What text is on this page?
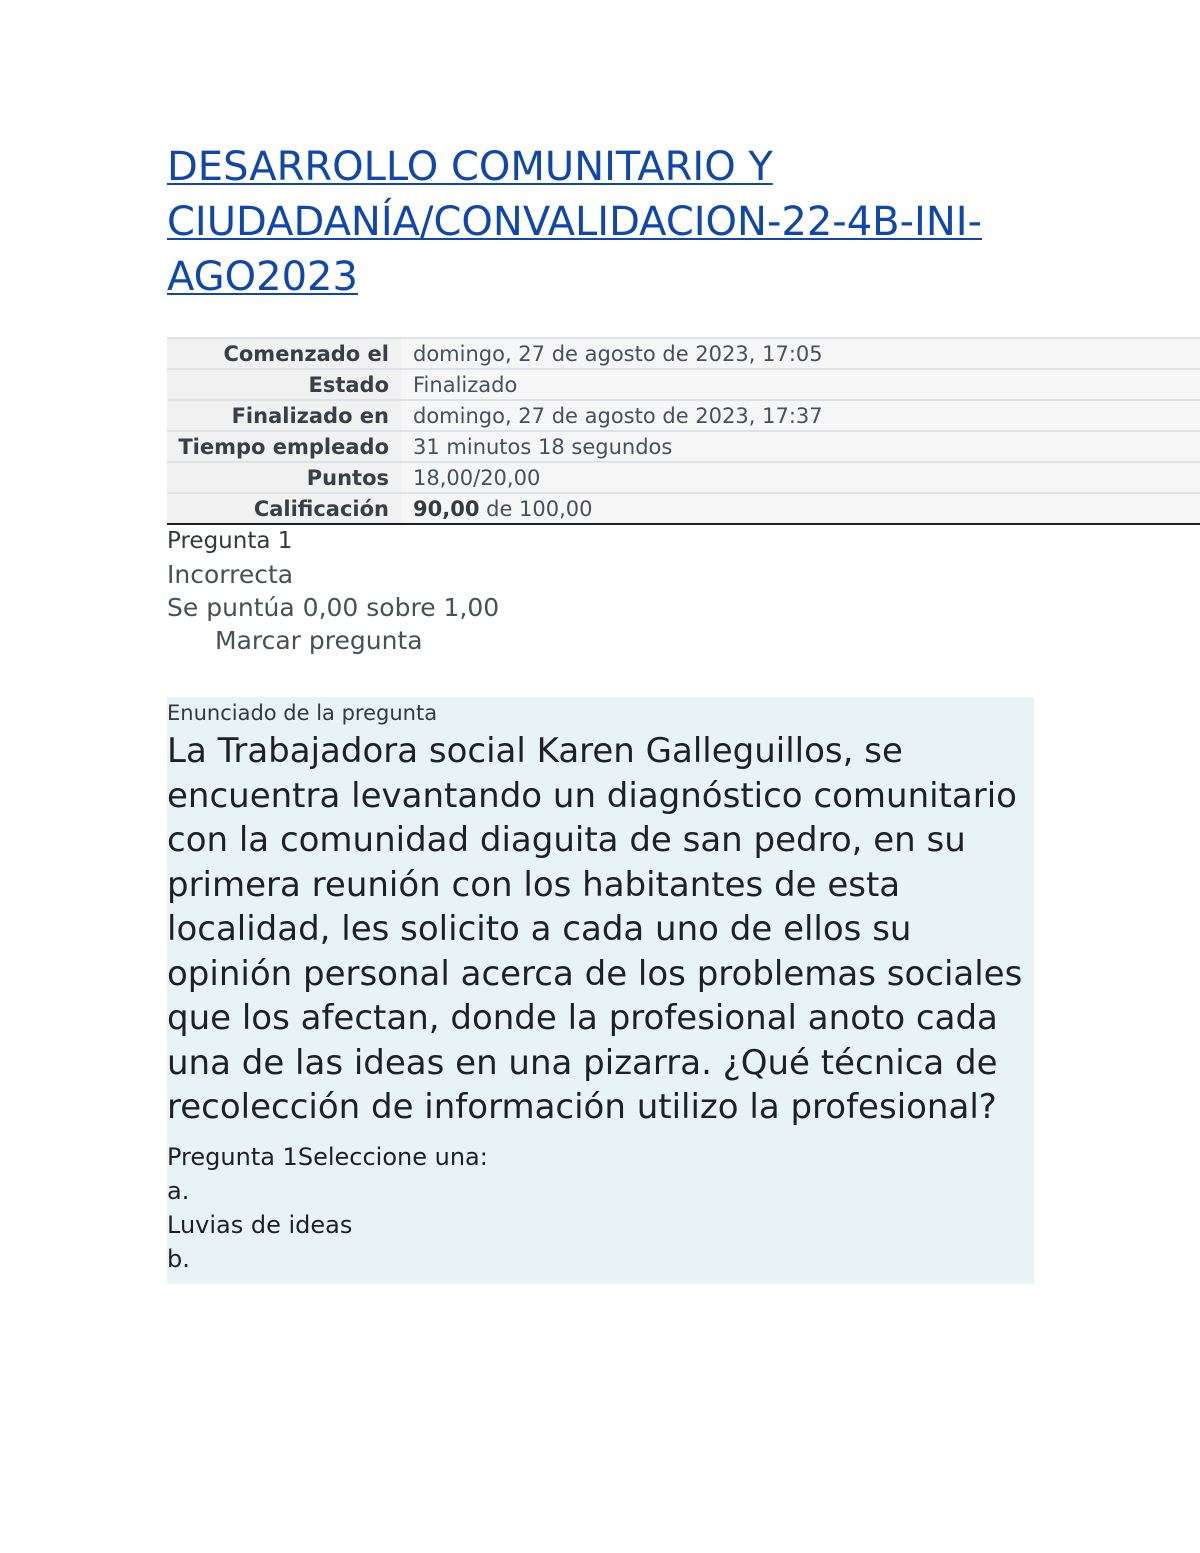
DESARROLLO COMUNITARIO Y CIUDADANÍA/CONVALIDACION-22-4B-INI-AGO2023
Comenzado el	domingo, 27 de agosto de 2023, 17:05
Estado	Finalizado
Finalizado en	domingo, 27 de agosto de 2023, 17:37
Tiempo empleado	31 minutos 18 segundos
Puntos	18,00/20,00
Calificación	90,00 de 100,00
Pregunta 1
Incorrecta
Se puntúa 0,00 sobre 1,00
Marcar pregunta
Enunciado de la pregunta
La Trabajadora social Karen Galleguillos, se encuentra levantando un diagnóstico comunitario con la comunidad diaguita de san pedro, en su primera reunión con los habitantes de esta localidad, les solicito a cada uno de ellos su opinión personal acerca de los problemas sociales que los afectan, donde la profesional anoto cada una de las ideas en una pizarra. ¿Qué técnica de recolección de información utilizo la profesional?
Pregunta 1Seleccione una:
a.
Luvias de ideas
b.
